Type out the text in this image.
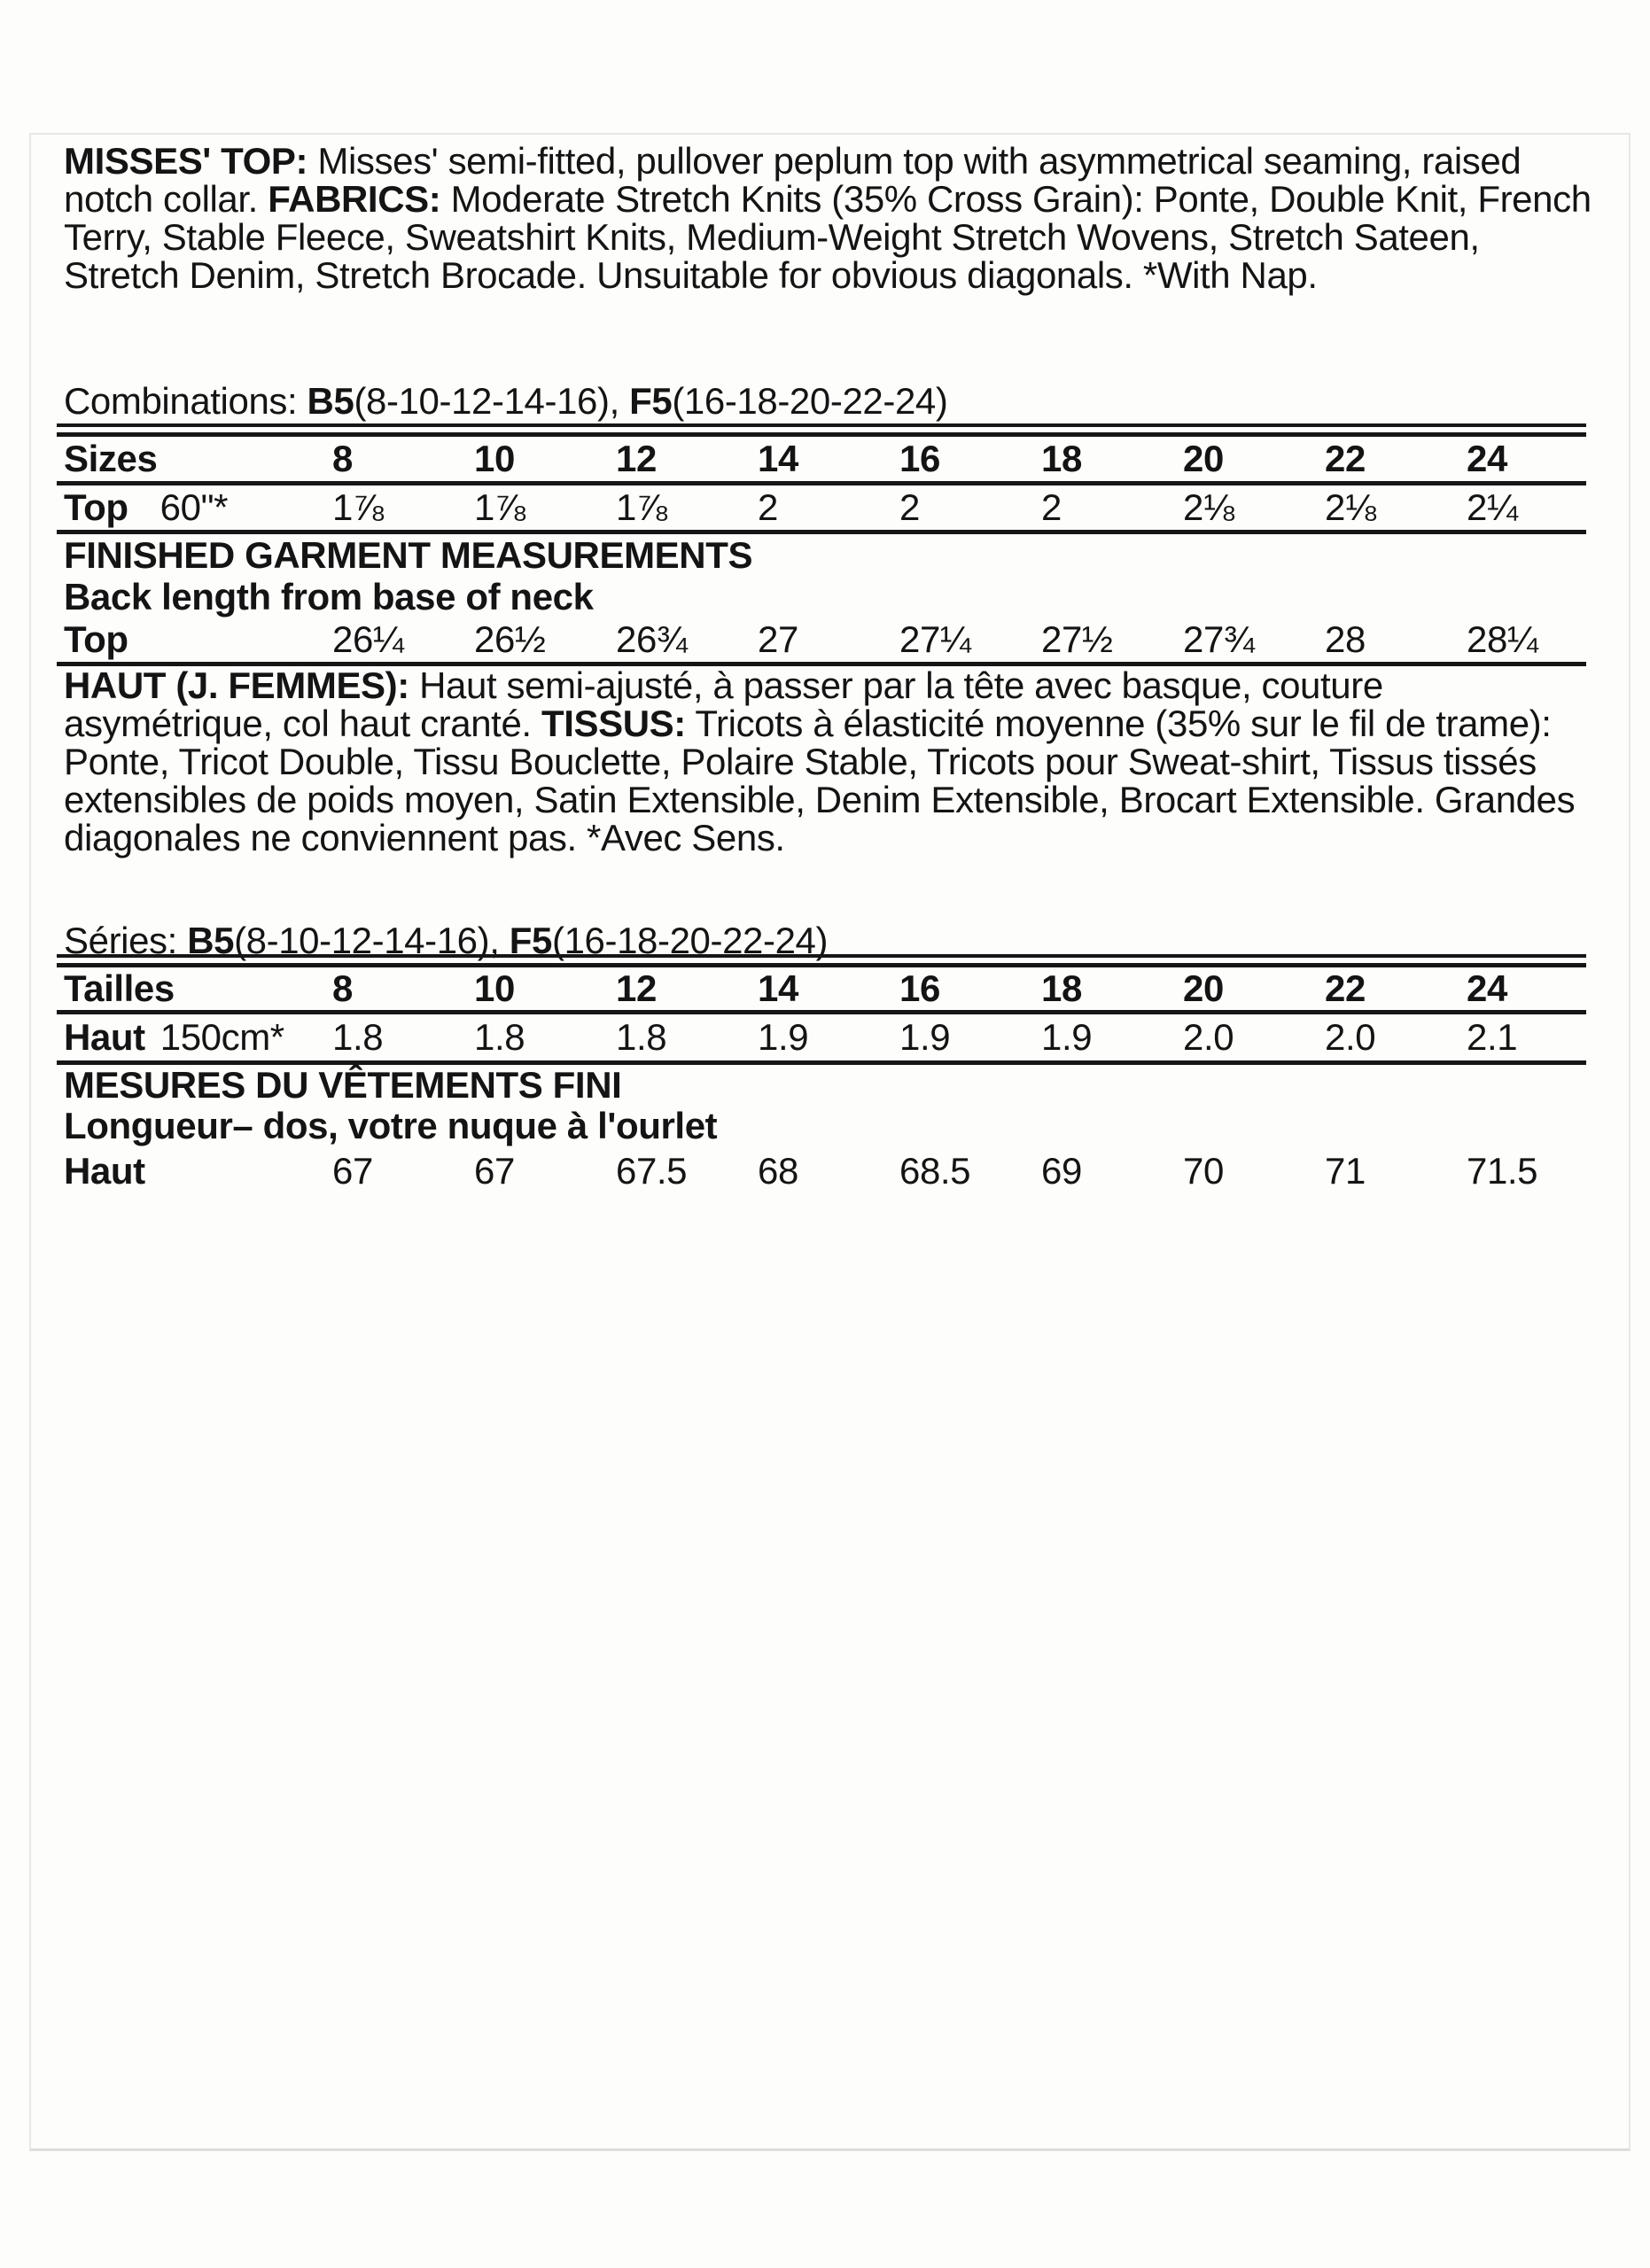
MISSES' TOP: Misses' semi-fitted, pullover peplum top with asymmetrical seaming, raised notch collar. FABRICS: Moderate Stretch Knits (35% Cross Grain): Ponte, Double Knit, French Terry, Stable Fleece, Sweatshirt Knits, Medium-Weight Stretch Wovens, Stretch Sateen, Stretch Denim, Stretch Brocade. Unsuitable for obvious diagonals. *With Nap.

Combinations: B5(8-10-12-14-16), F5(16-18-20-22-24)

Sizes	8	10	12	14	16	18	20	22	24
Top 60"*	1⅞	1⅞	1⅞	2	2	2	2⅛	2⅛	2¼
FINISHED GARMENT MEASUREMENTS
Back length from base of neck
Top	26¼	26½	26¾	27	27¼	27½	27¾	28	28¼

HAUT (J. FEMMES): Haut semi-ajusté, à passer par la tête avec basque, couture asymétrique, col haut cranté. TISSUS: Tricots à élasticité moyenne (35% sur le fil de trame): Ponte, Tricot Double, Tissu Bouclette, Polaire Stable, Tricots pour Sweat-shirt, Tissus tissés extensibles de poids moyen, Satin Extensible, Denim Extensible, Brocart Extensible. Grandes diagonales ne conviennent pas. *Avec Sens.

Séries: B5(8-10-12-14-16), F5(16-18-20-22-24)

Tailles	8	10	12	14	16	18	20	22	24
Haut 150cm*	1.8	1.8	1.8	1.9	1.9	1.9	2.0	2.0	2.1
MESURES DU VÊTEMENTS FINI
Longueur– dos, votre nuque à l'ourlet
Haut	67	67	67.5	68	68.5	69	70	71	71.5
